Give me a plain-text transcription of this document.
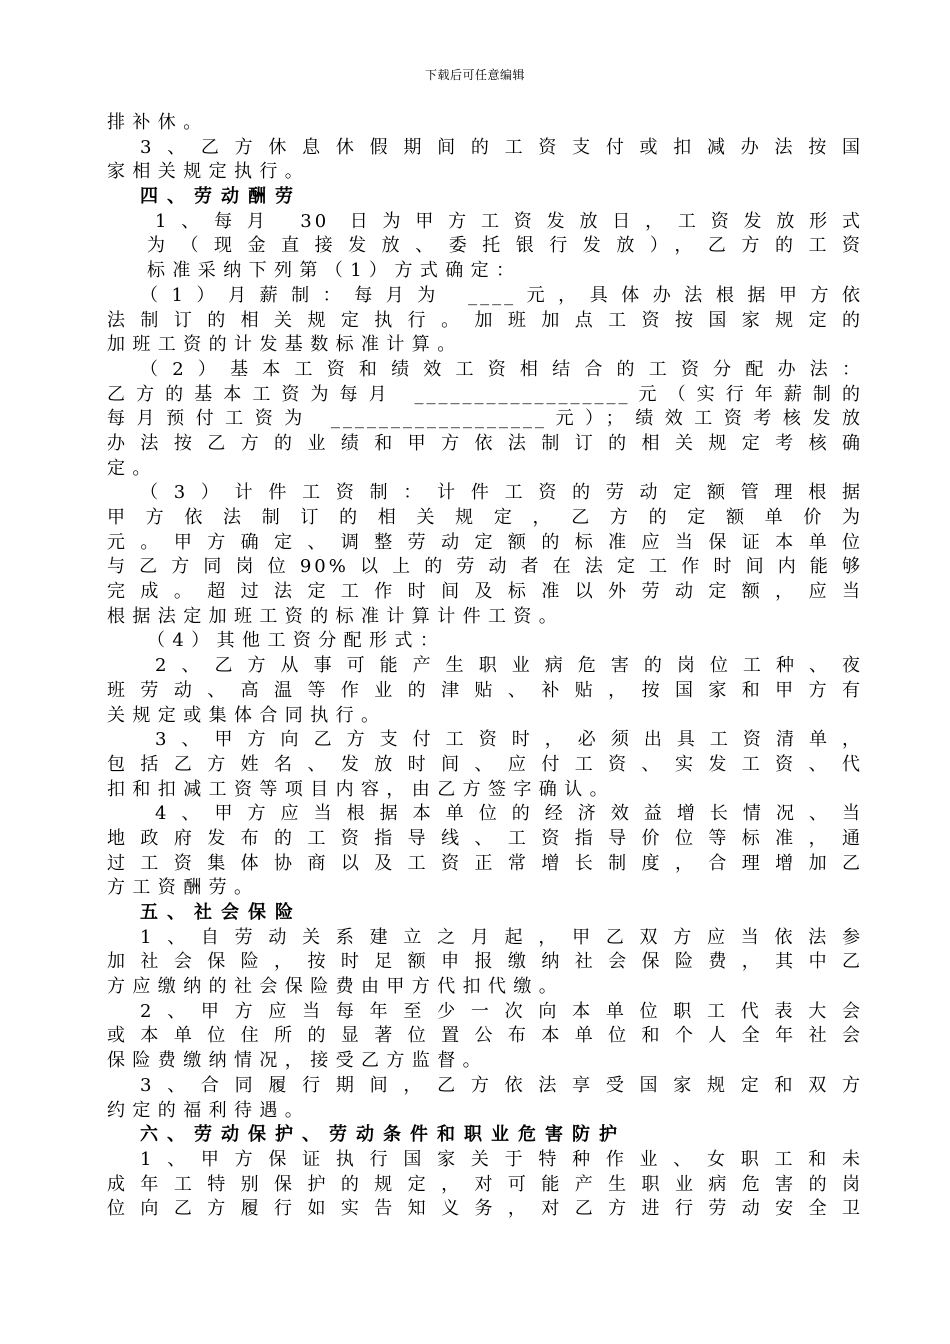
下载后可任意编辑
排补休。
3、乙方休息休假期间的工资支付或扣减办法按国
家相关规定执行。
四、劳动酬劳
1、每月 30 日为甲方工资发放日，工资发放形式
为（现金直接发放、委托银行发放），乙方的工资
标准采纳下列第（1）方式确定：
（1）月薪制：每月为 ____元，具体办法根据甲方依
法制订的相关规定执行。加班加点工资按国家规定的
加班工资的计发基数标准计算。
（2）基本工资和绩效工资相结合的工资分配办法：
乙方的基本工资为每月 __________________元（实行年薪制的
每月预付工资为 __________________元）；绩效工资考核发放
办法按乙方的业绩和甲方依法制订的相关规定考核确
定。
（3）计件工资制：计件工资的劳动定额管理根据
甲方依法制订的相关规定，乙方的定额单价为
元。甲方确定、调整劳动定额的标准应当保证本单位
与乙方同岗位90%以上的劳动者在法定工作时间内能够
完成。超过法定工作时间及标准以外劳动定额，应当
根据法定加班工资的标准计算计件工资。
（4）其他工资分配形式：
2、乙方从事可能产生职业病危害的岗位工种、夜
班劳动、高温等作业的津贴、补贴，按国家和甲方有
关规定或集体合同执行。
3、甲方向乙方支付工资时，必须出具工资清单，
包括乙方姓名、发放时间、应付工资、实发工资、代
扣和扣减工资等项目内容，由乙方签字确认。
4、甲方应当根据本单位的经济效益增长情况、当
地政府发布的工资指导线、工资指导价位等标准，通
过工资集体协商以及工资正常增长制度，合理增加乙
方工资酬劳。
五、社会保险
1、自劳动关系建立之月起，甲乙双方应当依法参
加社会保险，按时足额申报缴纳社会保险费，其中乙
方应缴纳的社会保险费由甲方代扣代缴。
2、甲方应当每年至少一次向本单位职工代表大会
或本单位住所的显著位置公布本单位和个人全年社会
保险费缴纳情况，接受乙方监督。
3、合同履行期间，乙方依法享受国家规定和双方
约定的福利待遇。
六、劳动保护、劳动条件和职业危害防护
1、甲方保证执行国家关于特种作业、女职工和未
成年工特别保护的规定，对可能产生职业病危害的岗
位向乙方履行如实告知义务，对乙方进行劳动安全卫
